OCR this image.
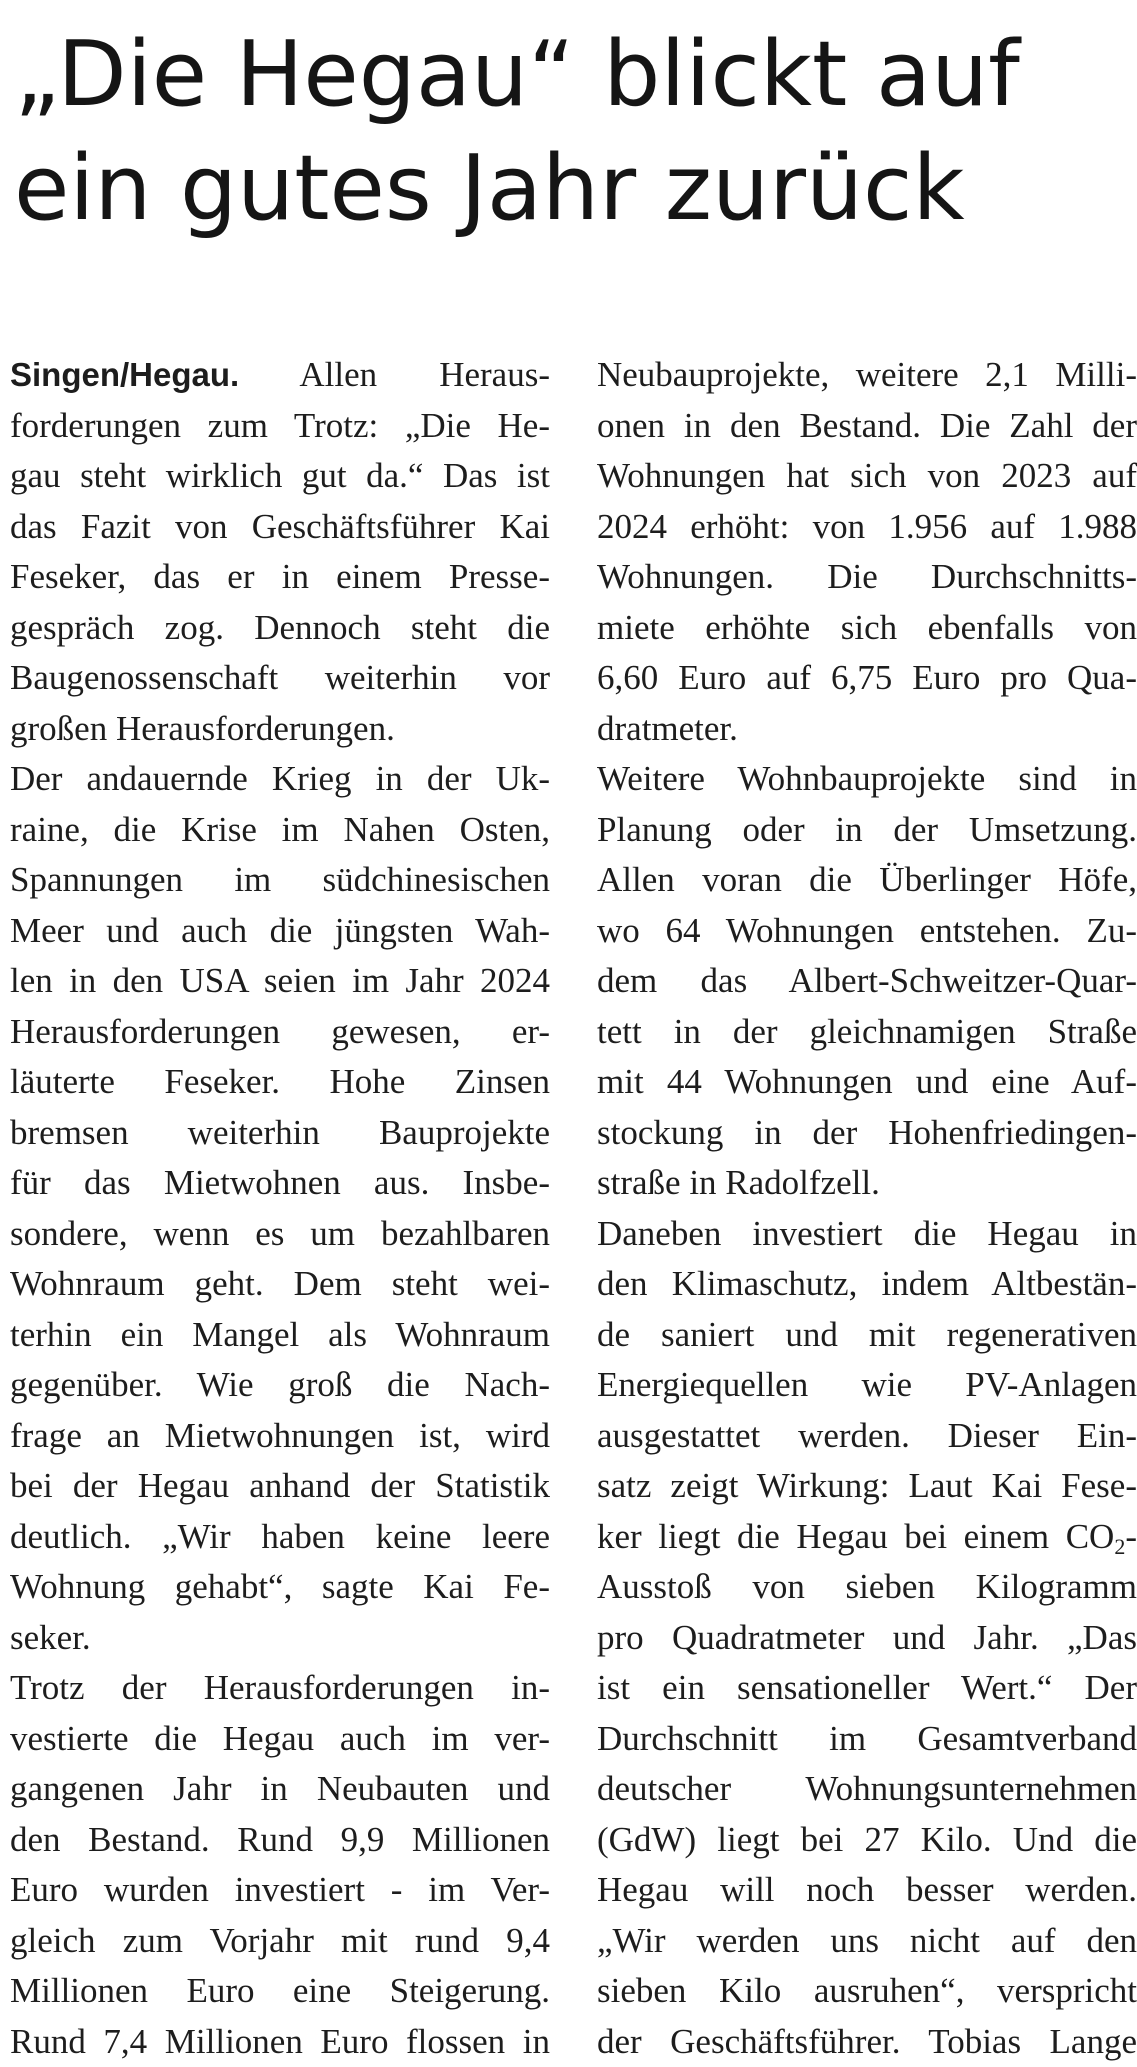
„Die Hegau“ blickt auf
ein gutes Jahr zurück
Singen/Hegau. Allen Heraus-
forderungen zum Trotz: „Die He-
gau steht wirklich gut da.“ Das ist
das Fazit von Geschäftsführer Kai
Feseker, das er in einem Presse-
gespräch zog. Dennoch steht die
Baugenossenschaft weiterhin vor
großen Herausforderungen.
Der andauernde Krieg in der Uk-
raine, die Krise im Nahen Osten,
Spannungen im südchinesischen
Meer und auch die jüngsten Wah-
len in den USA seien im Jahr 2024
Herausforderungen gewesen, er-
läuterte Feseker. Hohe Zinsen
bremsen weiterhin Bauprojekte
für das Mietwohnen aus. Insbe-
sondere, wenn es um bezahlbaren
Wohnraum geht. Dem steht wei-
terhin ein Mangel als Wohnraum
gegenüber. Wie groß die Nach-
frage an Mietwohnungen ist, wird
bei der Hegau anhand der Statistik
deutlich. „Wir haben keine leere
Wohnung gehabt“, sagte Kai Fe-
seker.
Trotz der Herausforderungen in-
vestierte die Hegau auch im ver-
gangenen Jahr in Neubauten und
den Bestand. Rund 9,9 Millionen
Euro wurden investiert - im Ver-
gleich zum Vorjahr mit rund 9,4
Millionen Euro eine Steigerung.
Rund 7,4 Millionen Euro flossen in
Neubauprojekte, weitere 2,1 Milli-
onen in den Bestand. Die Zahl der
Wohnungen hat sich von 2023 auf
2024 erhöht: von 1.956 auf 1.988
Wohnungen. Die Durchschnitts-
miete erhöhte sich ebenfalls von
6,60 Euro auf 6,75 Euro pro Qua-
dratmeter.
Weitere Wohnbauprojekte sind in
Planung oder in der Umsetzung.
Allen voran die Überlinger Höfe,
wo 64 Wohnungen entstehen. Zu-
dem das Albert-Schweitzer-Quar-
tett in der gleichnamigen Straße
mit 44 Wohnungen und eine Auf-
stockung in der Hohenfriedingen-
straße in Radolfzell.
Daneben investiert die Hegau in
den Klimaschutz, indem Altbestän-
de saniert und mit regenerativen
Energiequellen wie PV-Anlagen
ausgestattet werden. Dieser Ein-
satz zeigt Wirkung: Laut Kai Fese-
ker liegt die Hegau bei einem $CO_2-$
Ausstoß von sieben Kilogramm
pro Quadratmeter und Jahr. „Das
ist ein sensationeller Wert.“ Der
Durchschnitt im Gesamtverband
deutscher Wohnungsunternehmen
(GdW) liegt bei 27 Kilo. Und die
Hegau will noch besser werden.
„Wir werden uns nicht auf den
sieben Kilo ausruhen“, verspricht
der Geschäftsführer. Tobias Lange
